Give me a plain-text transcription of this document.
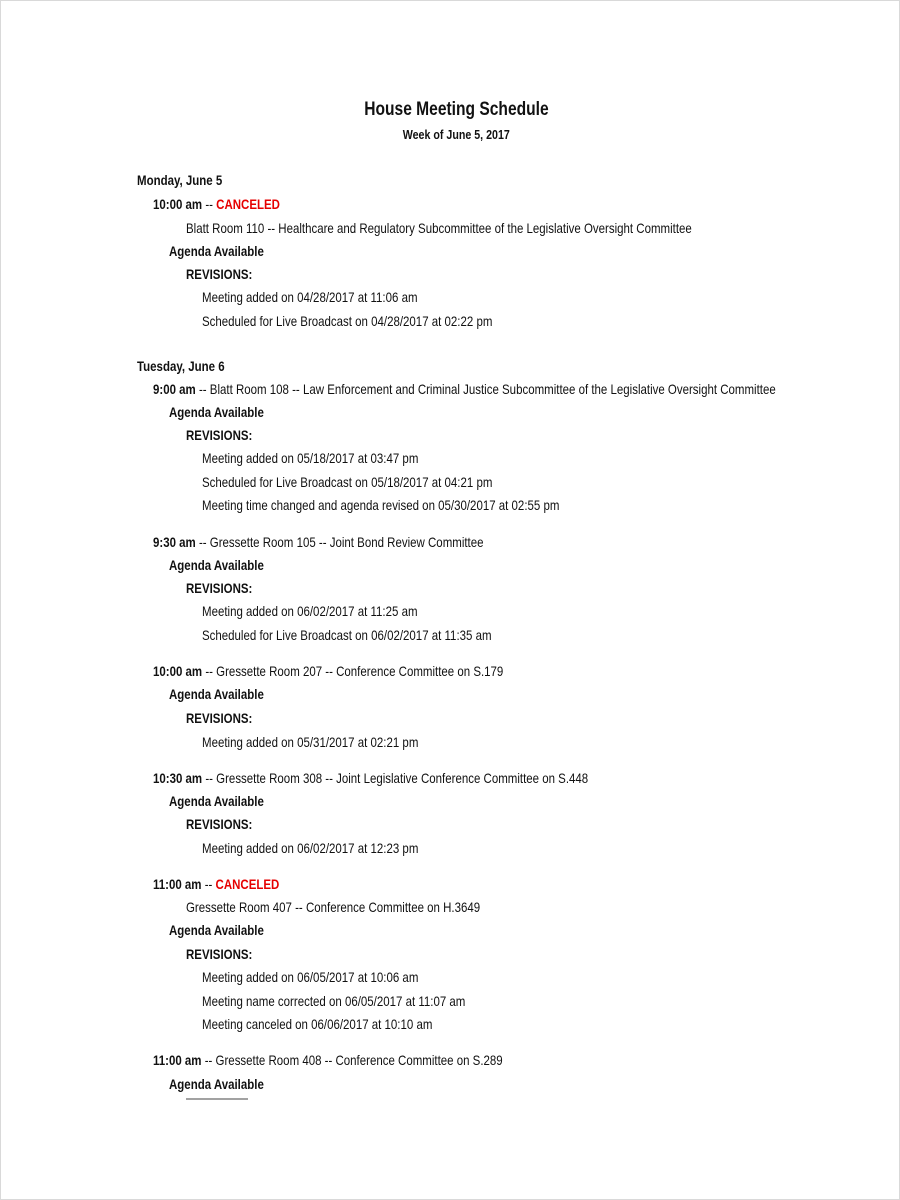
House Meeting Schedule
Week of June 5, 2017
Monday, June 5
10:00 am -- CANCELED
Blatt Room 110 -- Healthcare and Regulatory Subcommittee of the Legislative Oversight Committee
Agenda Available
REVISIONS:
Meeting added on 04/28/2017 at 11:06 am
Scheduled for Live Broadcast on 04/28/2017 at 02:22 pm
Tuesday, June 6
9:00 am -- Blatt Room 108 -- Law Enforcement and Criminal Justice Subcommittee of the Legislative Oversight Committee
Agenda Available
REVISIONS:
Meeting added on 05/18/2017 at 03:47 pm
Scheduled for Live Broadcast on 05/18/2017 at 04:21 pm
Meeting time changed and agenda revised on 05/30/2017 at 02:55 pm
9:30 am -- Gressette Room 105 -- Joint Bond Review Committee
Agenda Available
REVISIONS:
Meeting added on 06/02/2017 at 11:25 am
Scheduled for Live Broadcast on 06/02/2017 at 11:35 am
10:00 am -- Gressette Room 207 -- Conference Committee on S.179
Agenda Available
REVISIONS:
Meeting added on 05/31/2017 at 02:21 pm
10:30 am -- Gressette Room 308 -- Joint Legislative Conference Committee on S.448
Agenda Available
REVISIONS:
Meeting added on 06/02/2017 at 12:23 pm
11:00 am -- CANCELED
Gressette Room 407 -- Conference Committee on H.3649
Agenda Available
REVISIONS:
Meeting added on 06/05/2017 at 10:06 am
Meeting name corrected on 06/05/2017 at 11:07 am
Meeting canceled on 06/06/2017 at 10:10 am
11:00 am -- Gressette Room 408 -- Conference Committee on S.289
Agenda Available
